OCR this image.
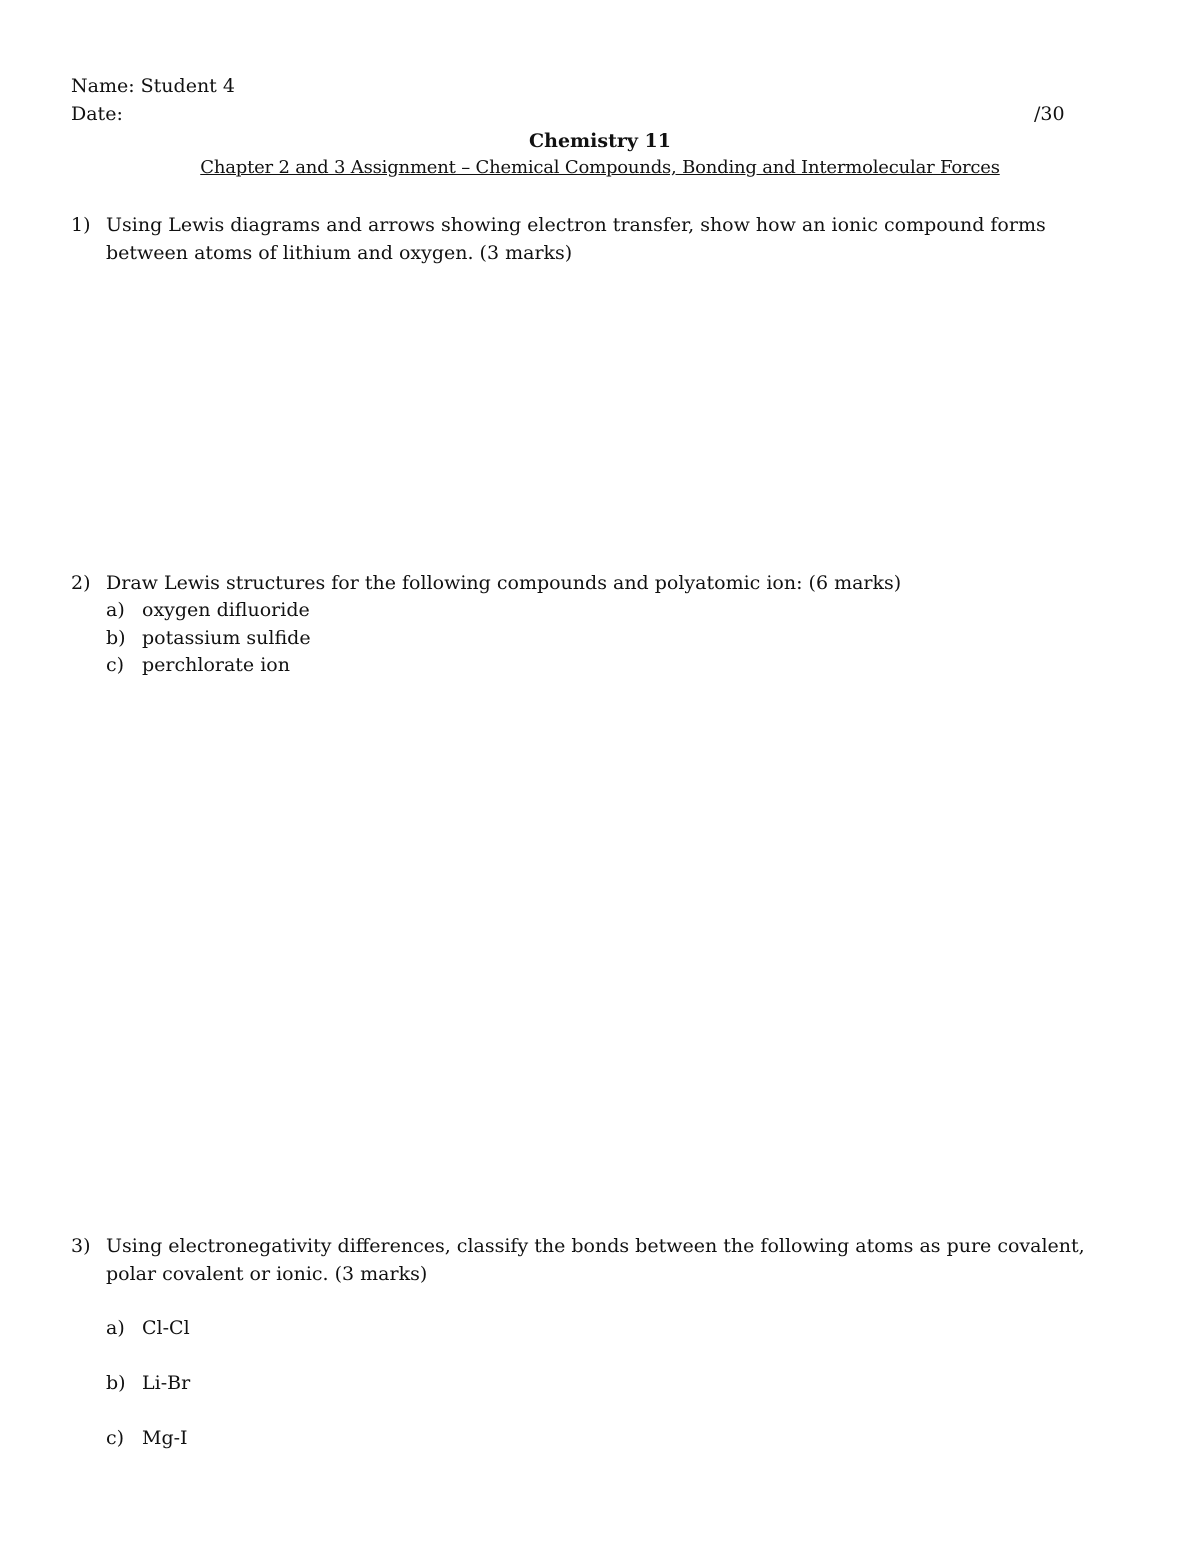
Name: Student 4
Date:	/30
Chemistry 11
Chapter 2 and 3 Assignment – Chemical Compounds, Bonding and Intermolecular Forces
1) Using Lewis diagrams and arrows showing electron transfer, show how an ionic compound forms between atoms of lithium and oxygen. (3 marks)
2) Draw Lewis structures for the following compounds and polyatomic ion: (6 marks)
a) oxygen difluoride
b) potassium sulfide
c) perchlorate ion
3) Using electronegativity differences, classify the bonds between the following atoms as pure covalent, polar covalent or ionic. (3 marks)
a) Cl-Cl
b) Li-Br
c) Mg-I
